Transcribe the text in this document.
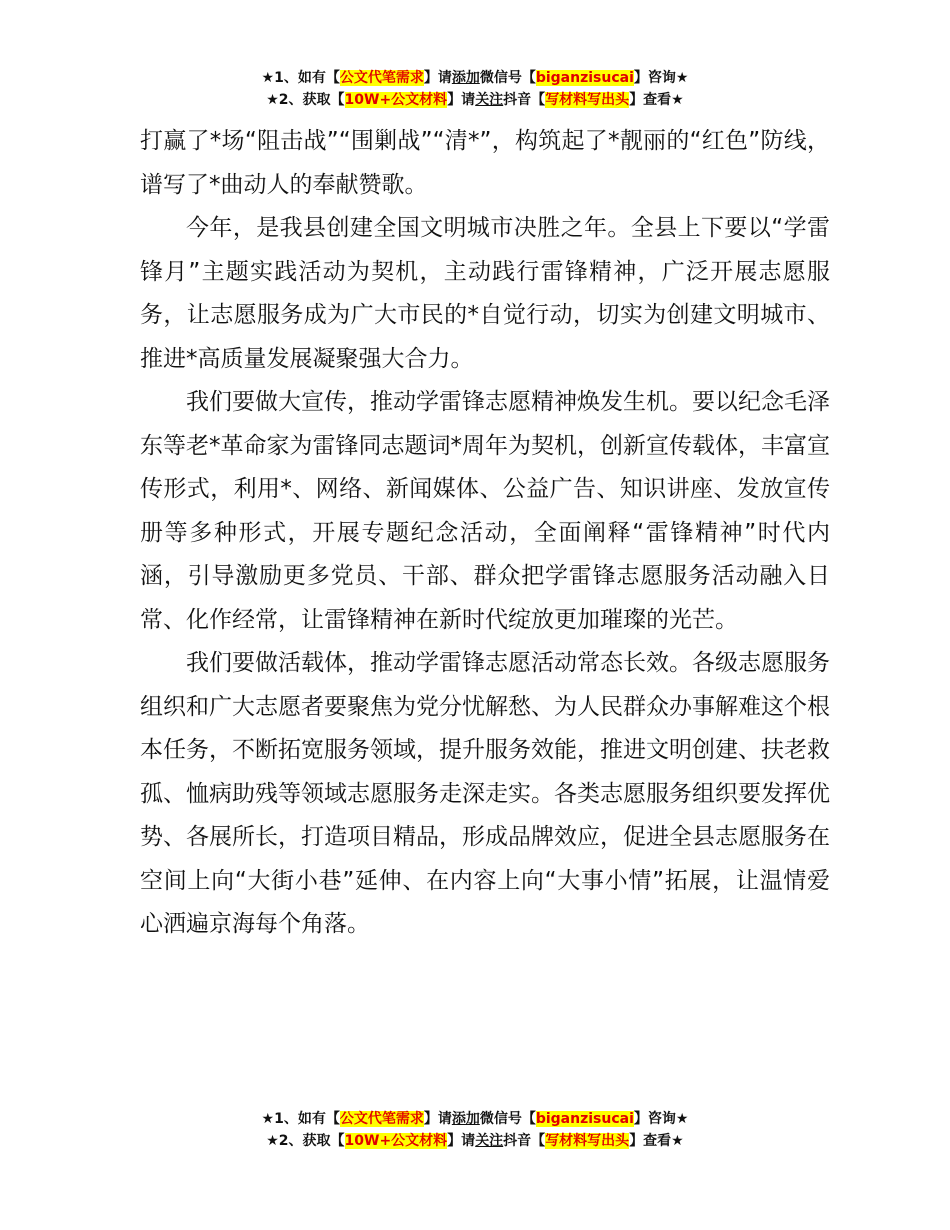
★1、如有【公文代笔需求】请添加微信号【biganzisucai】咨询★
★2、获取【10W+公文材料】请关注抖音【写材料写出头】查看★

打赢了*场“阻击战”“围剿战”“清*”，构筑起了*靓丽的“红色”防线，谱写了*曲动人的奉献赞歌。

今年，是我县创建全国文明城市决胜之年。全县上下要以“学雷锋月”主题实践活动为契机，主动践行雷锋精神，广泛开展志愿服务，让志愿服务成为广大市民的*自觉行动，切实为创建文明城市、推进*高质量发展凝聚强大合力。

我们要做大宣传，推动学雷锋志愿精神焕发生机。要以纪念毛泽东等老*革命家为雷锋同志题词*周年为契机，创新宣传载体，丰富宣传形式，利用*、网络、新闻媒体、公益广告、知识讲座、发放宣传册等多种形式，开展专题纪念活动，全面阐释“雷锋精神”时代内涵，引导激励更多党员、干部、群众把学雷锋志愿服务活动融入日常、化作经常，让雷锋精神在新时代绽放更加璀璨的光芒。

我们要做活载体，推动学雷锋志愿活动常态长效。各级志愿服务组织和广大志愿者要聚焦为党分忧解愁、为人民群众办事解难这个根本任务，不断拓宽服务领域，提升服务效能，推进文明创建、扶老救孤、恤病助残等领域志愿服务走深走实。各类志愿服务组织要发挥优势、各展所长，打造项目精品，形成品牌效应，促进全县志愿服务在空间上向“大街小巷”延伸、在内容上向“大事小情”拓展，让温情爱心洒遍京海每个角落。

★1、如有【公文代笔需求】请添加微信号【biganzisucai】咨询★
★2、获取【10W+公文材料】请关注抖音【写材料写出头】查看★
